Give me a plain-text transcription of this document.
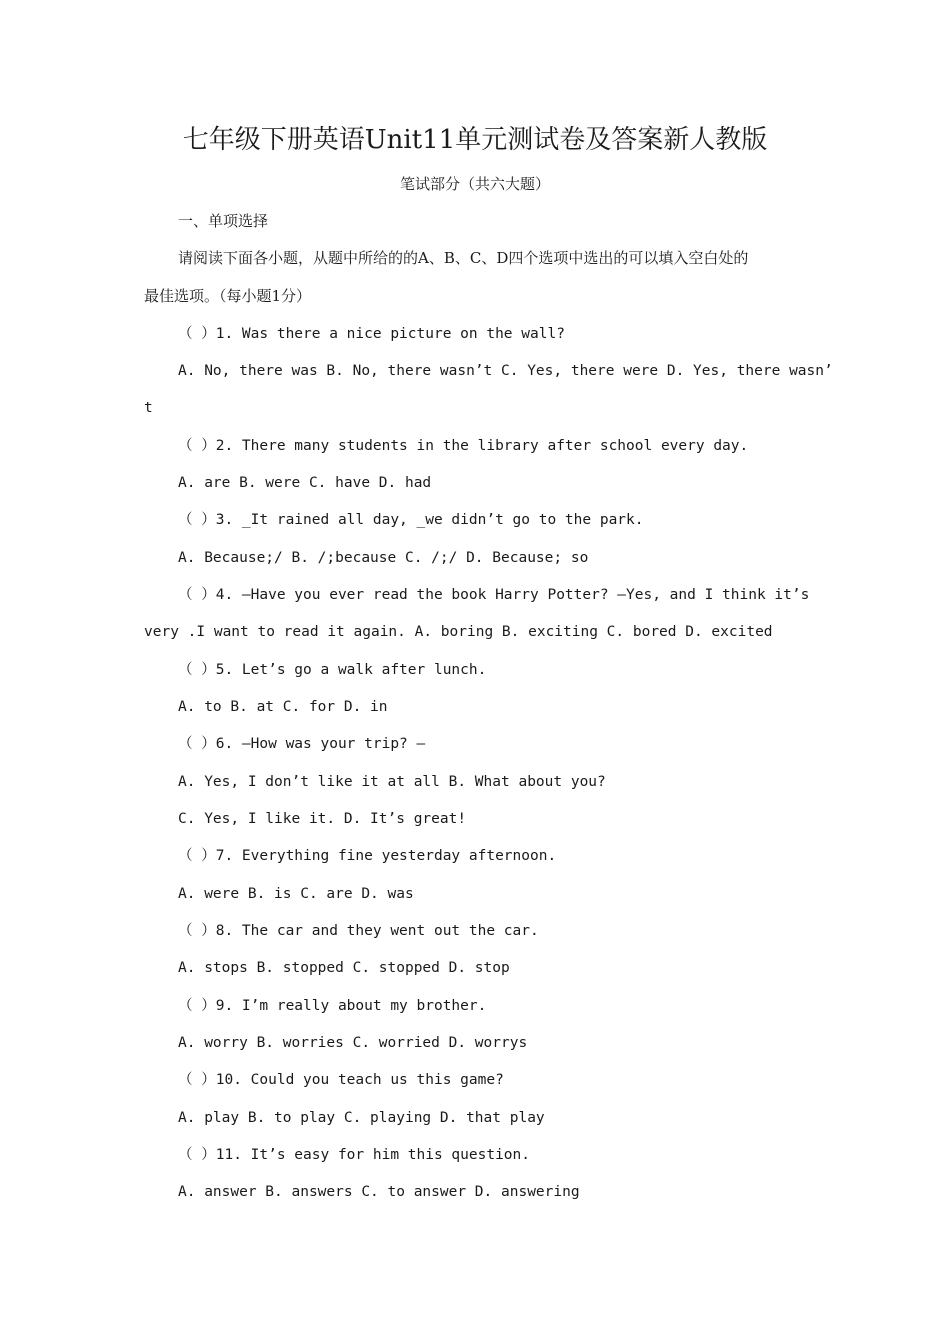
七年级下册英语Unit11单元测试卷及答案新人教版
笔试部分（共六大题）
一、单项选择
请阅读下面各小题，从题中所给的的A、B、C、D四个选项中选出的可以填入空白处的
最佳选项。（每小题1分）
（ ）1. Was there a nice picture on the wall?
A. No, there was B. No, there wasn’t C. Yes, there were D. Yes, there wasn’
t
（ ）2. There many students in the library after school every day.
A. are B. were C. have D. had
（ ）3. _It rained all day, _we didn’t go to the park.
A. Because;/ B. /;because C. /;/ D. Because; so
（ ）4. —Have you ever read the book Harry Potter? —Yes, and I think it’s
very .I want to read it again. A. boring B. exciting C. bored D. excited
（ ）5. Let’s go a walk after lunch.
A. to B. at C. for D. in
（ ）6. —How was your trip? —
A. Yes, I don’t like it at all B. What about you?
C. Yes, I like it. D. It’s great!
（ ）7. Everything fine yesterday afternoon.
A. were B. is C. are D. was
（ ）8. The car and they went out the car.
A. stops B. stopped C. stopped D. stop
（ ）9. I’m really about my brother.
A. worry B. worries C. worried D. worrys
（ ）10. Could you teach us this game?
A. play B. to play C. playing D. that play
（ ）11. It’s easy for him this question.
A. answer B. answers C. to answer D. answering
